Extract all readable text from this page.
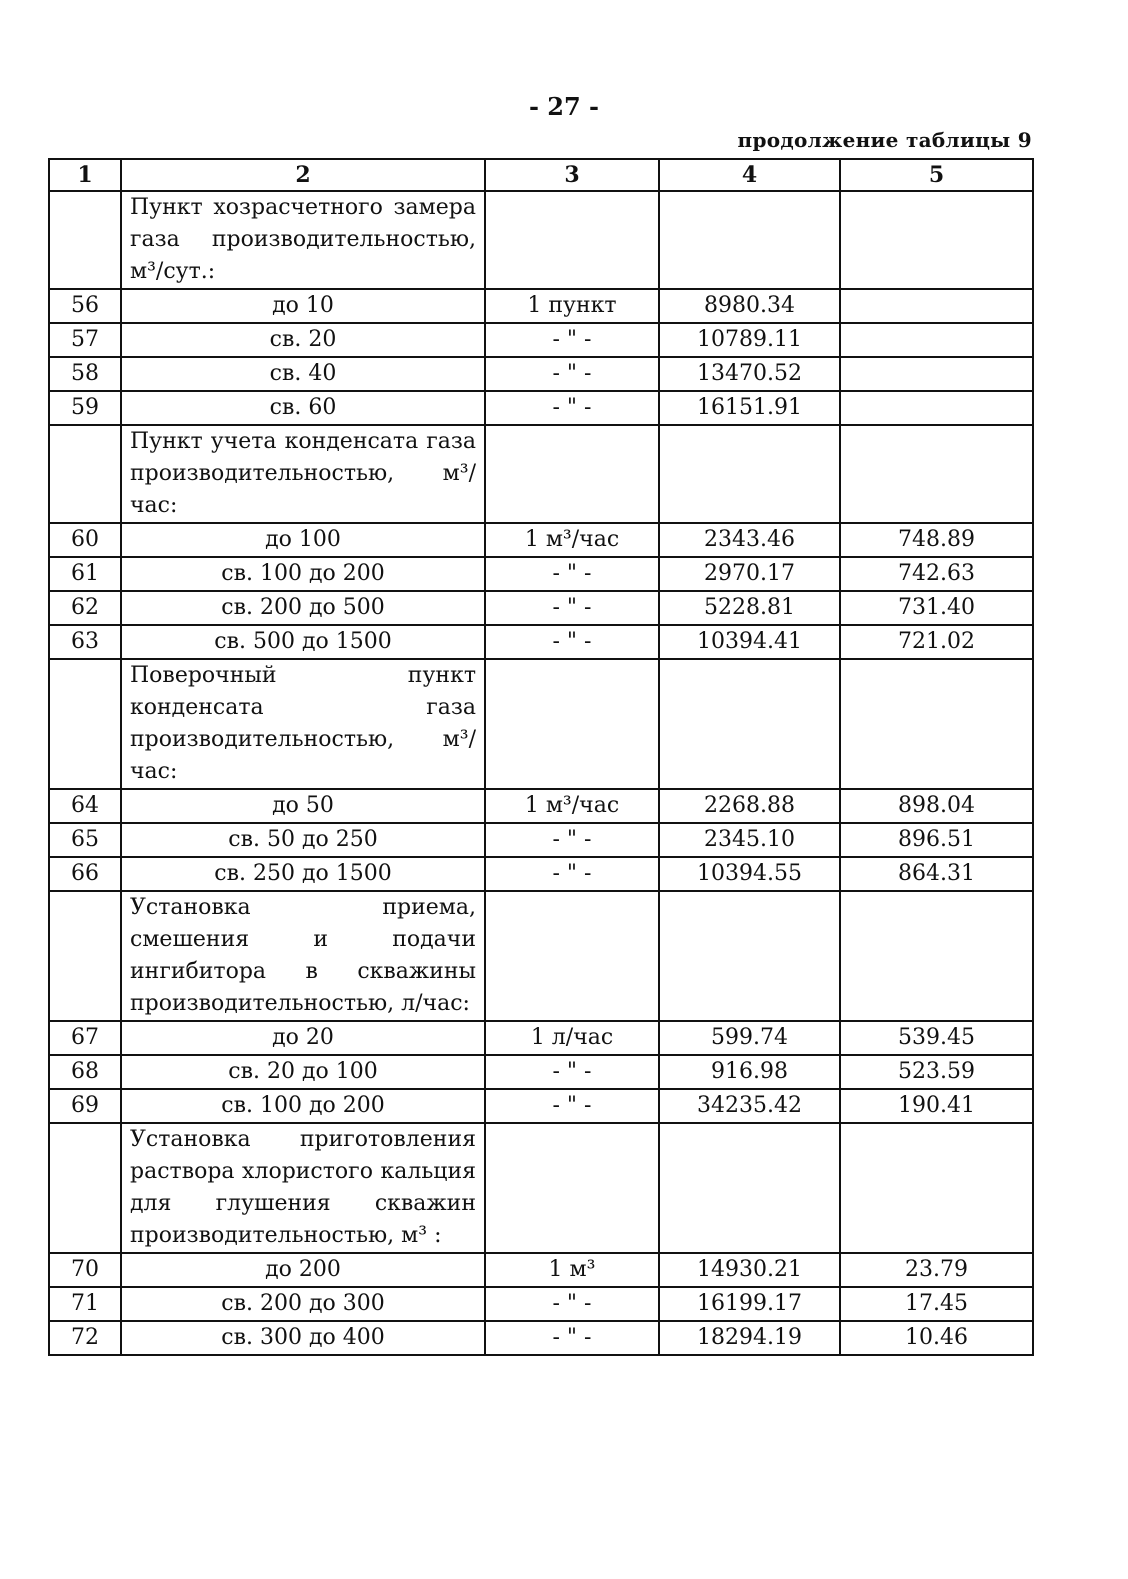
- 27 -
продолжение таблицы 9
1	2	3	4	5
	Пункт хозрасчетного замера газа производительностью, м³/сут.:			
56	до 10	1 пункт	8980.34	
57	св. 20	- " -	10789.11	
58	св. 40	- " -	13470.52	
59	св. 60	- " -	16151.91	
	Пункт учета конденсата газа производительностью, м³/час:			
60	до 100	1 м³/час	2343.46	748.89
61	св. 100 до 200	- " -	2970.17	742.63
62	св. 200 до 500	- " -	5228.81	731.40
63	св. 500 до 1500	- " -	10394.41	721.02
	Поверочный пункт конденсата газа производительностью, м³/час:			
64	до 50	1 м³/час	2268.88	898.04
65	св. 50 до 250	- " -	2345.10	896.51
66	св. 250 до 1500	- " -	10394.55	864.31
	Установка приема, смешения и подачи ингибитора в скважины производительностью, л/час:			
67	до 20	1 л/час	599.74	539.45
68	св. 20 до 100	- " -	916.98	523.59
69	св. 100 до 200	- " -	34235.42	190.41
	Установка приготовления раствора хлористого кальция для глушения скважин производительностью, м³ :			
70	до 200	1 м³	14930.21	23.79
71	св. 200 до 300	- " -	16199.17	17.45
72	св. 300 до 400	- " -	18294.19	10.46
